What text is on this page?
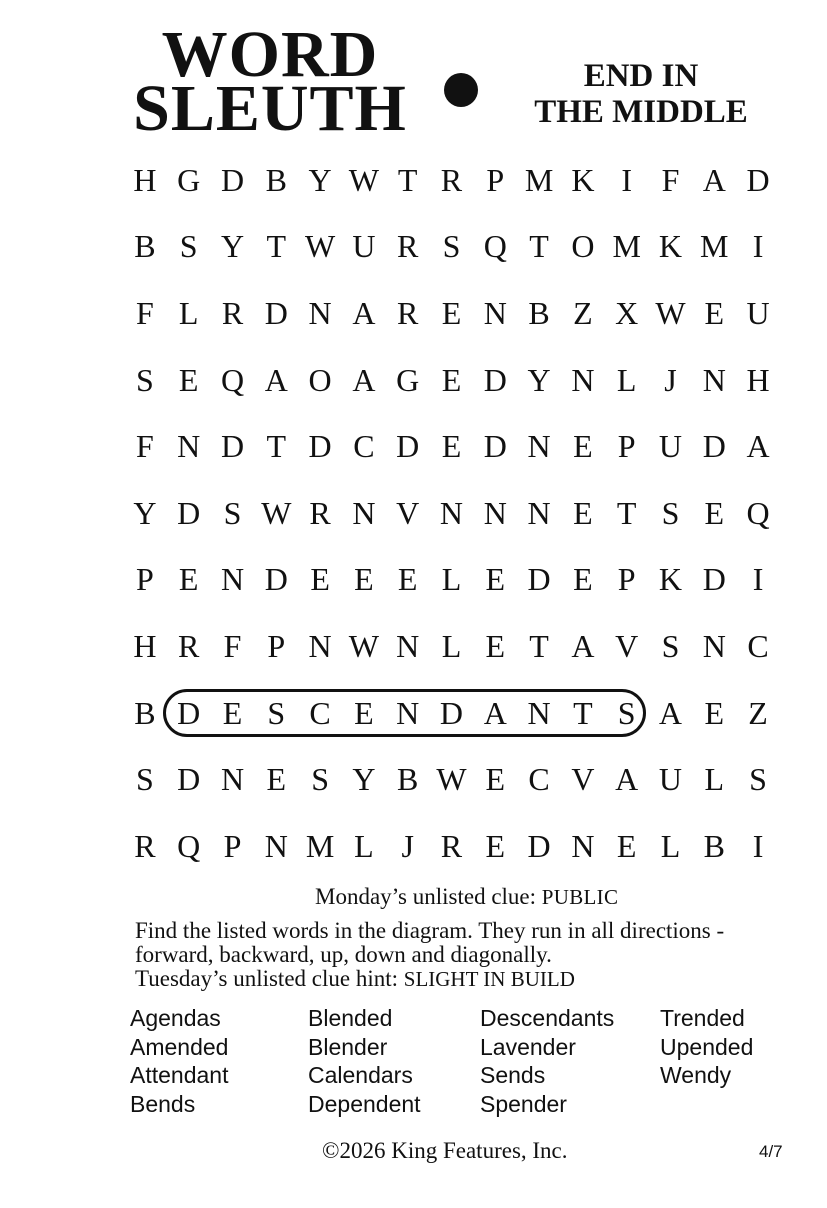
WORD
SLEUTH	END IN
THE MIDDLE
H G D B Y W T R P M K I F A D
B S Y T W U R S Q T O M K M I
F L R D N A R E N B Z X W E U
S E Q A O A G E D Y N L J N H
F N D T D C D E D N E P U D A
Y D S W R N V N N N E T S E Q
P E N D E E E L E D E P K D I
H R F P N W N L E T A V S N C
B D E S C E N D A N T S A E Z
S D N E S Y B W E C V A U L S
R Q P N M L J R E D N E L B I
Monday’s unlisted clue: PUBLIC

Find the listed words in the diagram. They run in all directions - forward, backward, up, down and diagonally.

Tuesday’s unlisted clue hint: SLIGHT IN BUILD

Agendas
Amended
Attendant
Bends
Blended
Blender
Calendars
Dependent
Descendants
Lavender
Sends
Spender
Trended
Upended
Wendy
©2026 King Features, Inc.	4/7
